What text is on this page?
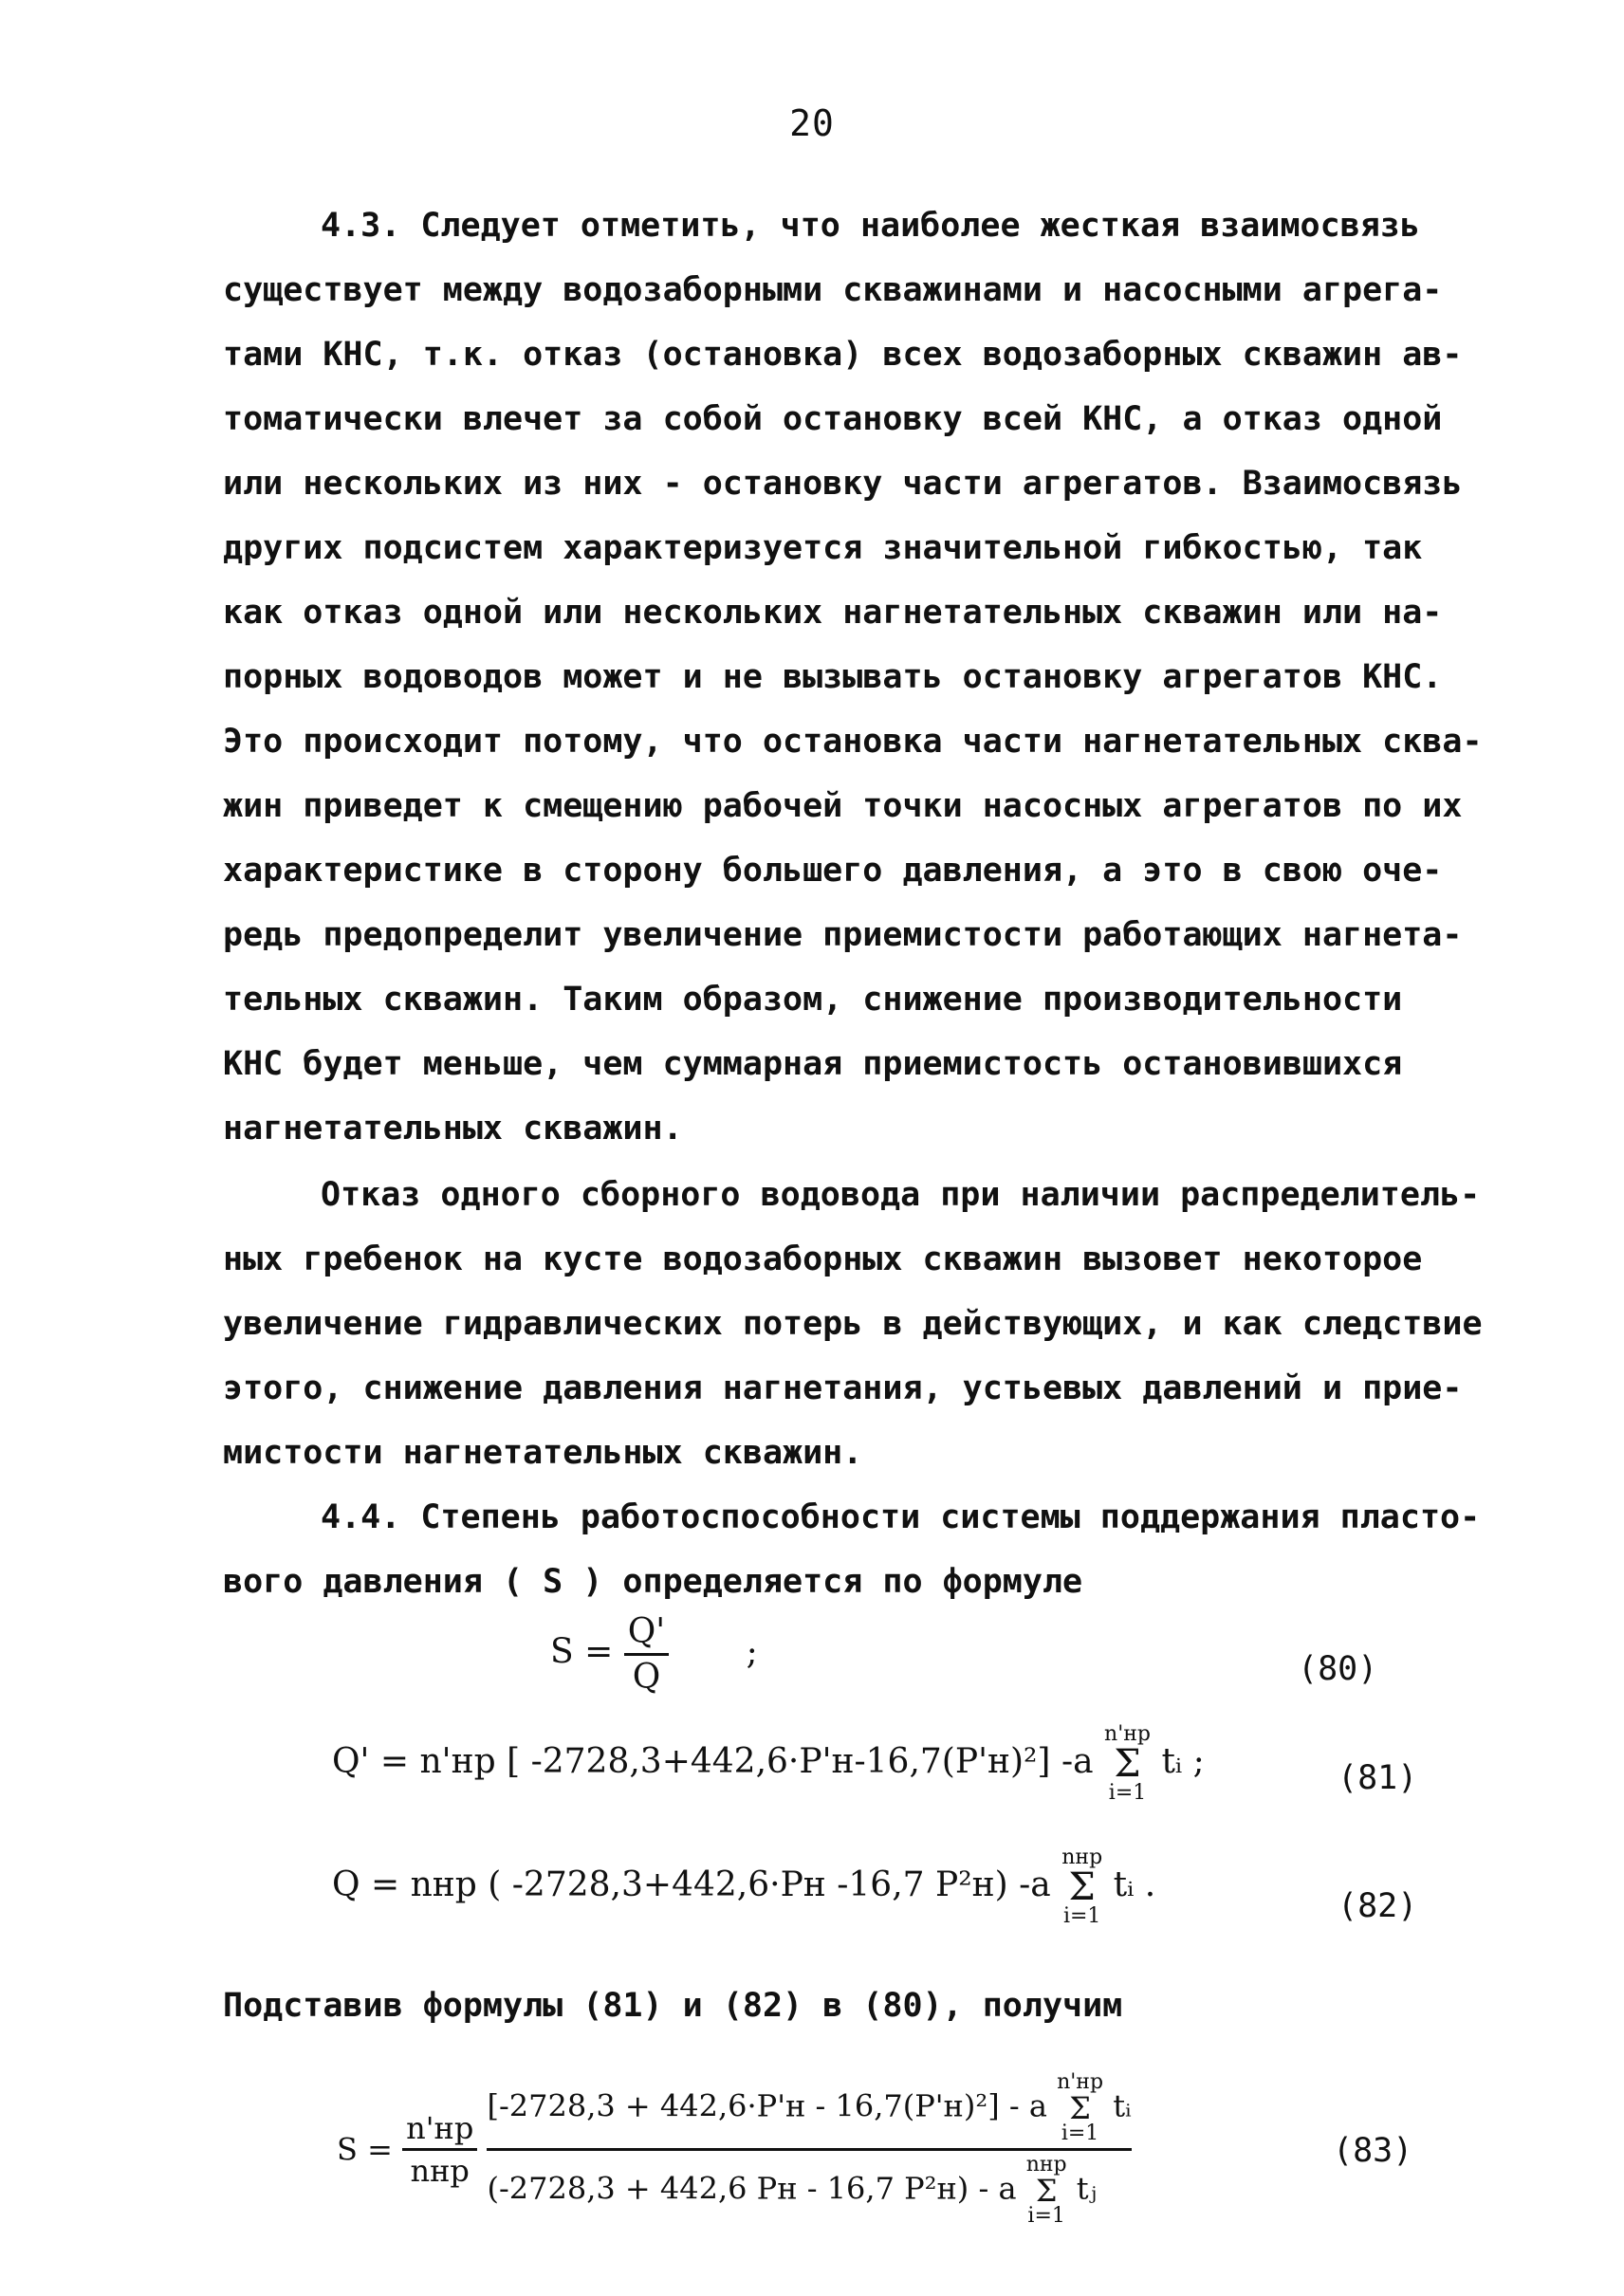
20
4.3. Следует отметить, что наиболее жесткая взаимосвязь
существует между водозаборными скважинами и насосными агрега-
тами КНС, т.к. отказ (остановка) всех водозаборных скважин ав-
томатически влечет за собой остановку всей КНС, а отказ одной
или нескольких из них - остановку части агрегатов. Взаимосвязь
других подсистем характеризуется значительной гибкостью, так
как отказ одной или нескольких нагнетательных скважин или на-
порных водоводов может и не вызывать остановку агрегатов КНС.
Это происходит потому, что остановка части нагнетательных сква-
жин приведет к смещению рабочей точки насосных агрегатов по их
характеристике в сторону большего давления, а это в свою оче-
редь предопределит увеличение приемистости работающих нагнета-
тельных скважин. Таким образом, снижение производительности
КНС будет меньше, чем суммарная приемистость остановившихся
нагнетательных скважин.
Отказ одного сборного водовода при наличии распределитель-
ных гребенок на кусте водозаборных скважин вызовет некоторое
увеличение гидравлических потерь в действующих, и как следствие
этого, снижение давления нагнетания, устьевых давлений и прие-
мистости нагнетательных скважин.
4.4. Степень работоспособности системы поддержания пласто-
вого давления ( S ) определяется по формуле
$S = \frac{Q'}{Q}$ ;	(80)
Q' = n'нр [ -2728,3+442,6·P'н-16,7(P'н)²] -a
n'нр
Σ
i=1
tᵢ ;	(81)
Q = nнр ( -2728,3+442,6·Pн -16,7 P²н) -a
nнр
Σ
i=1
tᵢ .
(82)
Подставив формулы (81) и (82) в (80), получим
$S = \frac{n'нр}{\text{nнр}}$

[-2728,3 + 442,6·P'н - 16,7(P'н)²] - a
n'нр
Σ
i=1
tᵢ
(-2728,3 + 442,6 Pн - 16,7 P²н) - a
nнр
Σ
i=1
tⱼ
(83)
